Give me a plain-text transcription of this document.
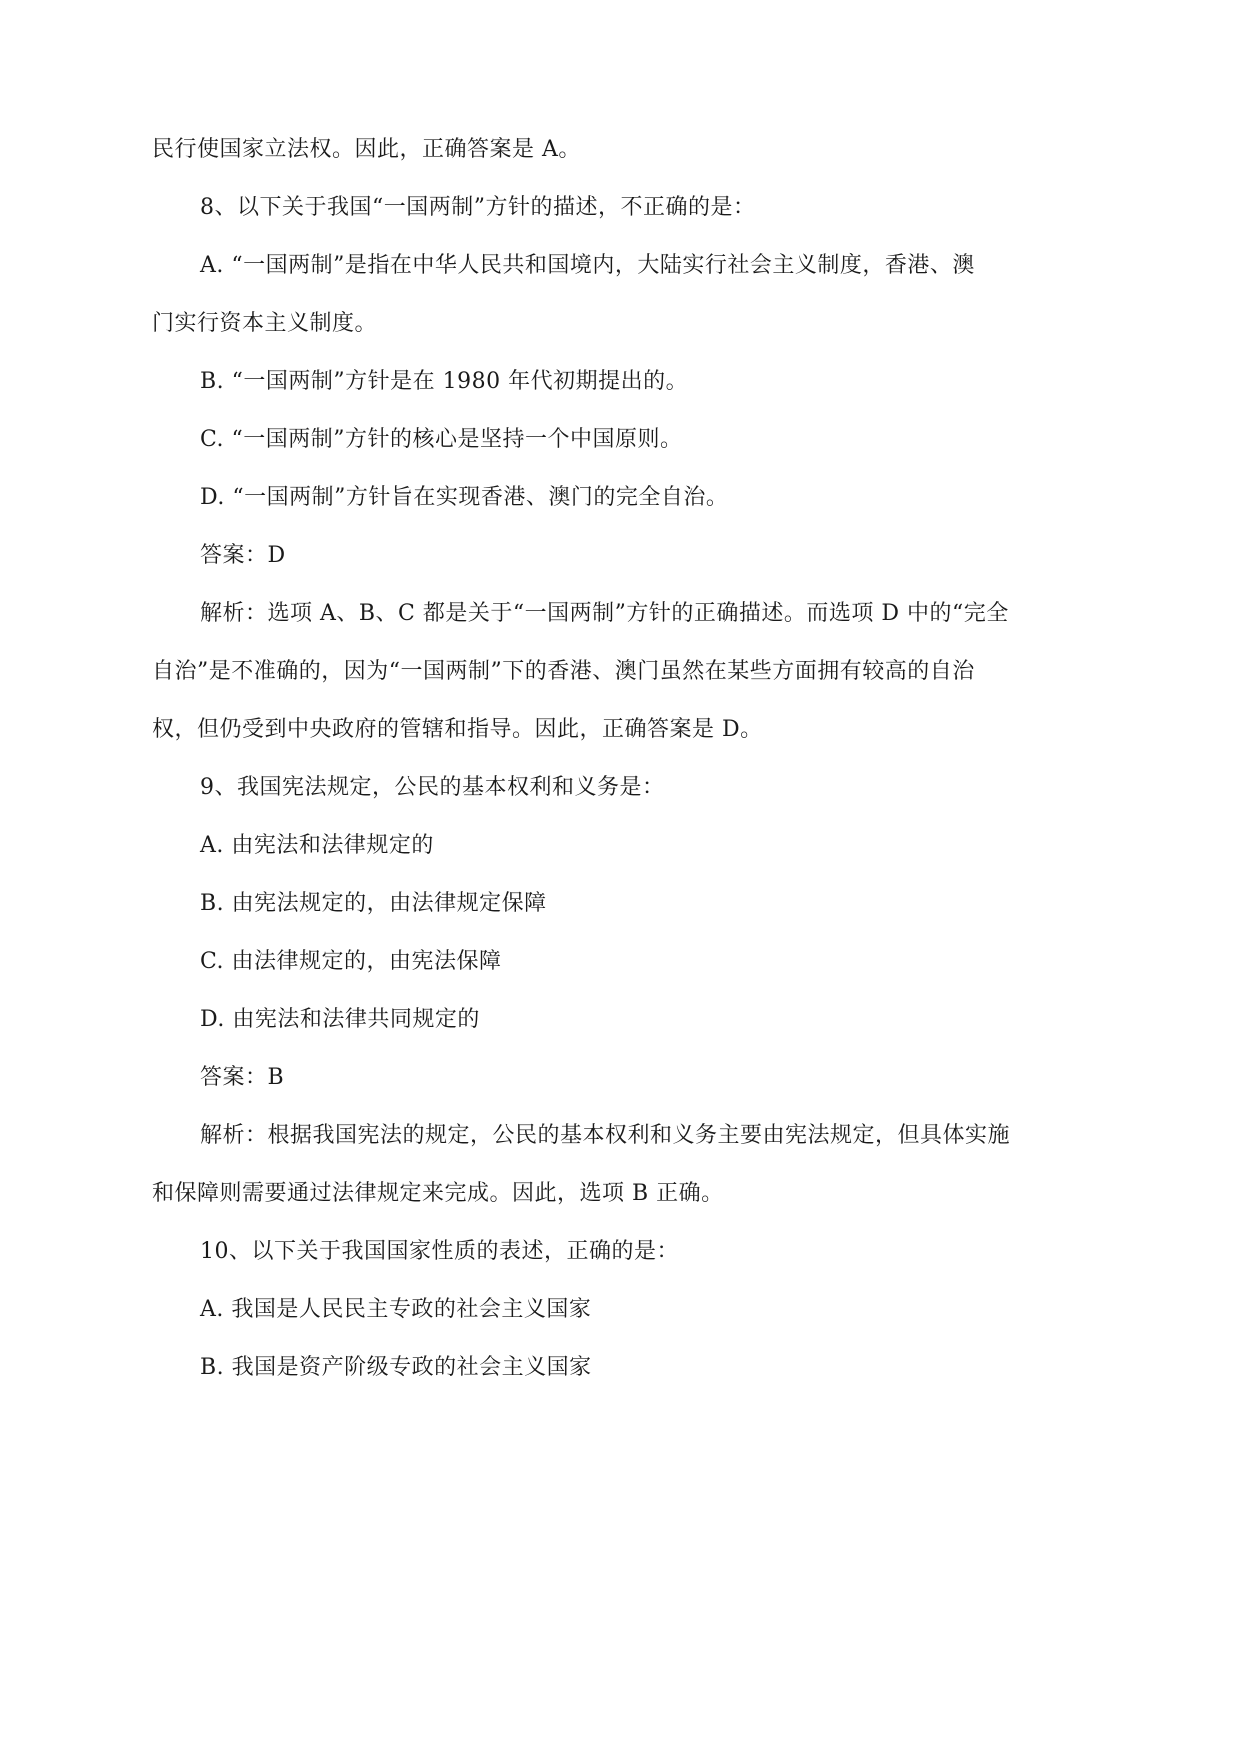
民行使国家立法权。因此，正确答案是 A。
8、以下关于我国“一国两制”方针的描述，不正确的是：
A. “一国两制”是指在中华人民共和国境内，大陆实行社会主义制度，香港、澳
门实行资本主义制度。
B. “一国两制”方针是在 1980 年代初期提出的。
C. “一国两制”方针的核心是坚持一个中国原则。
D. “一国两制”方针旨在实现香港、澳门的完全自治。
答案：D
解析：选项 A、B、C 都是关于“一国两制”方针的正确描述。而选项 D 中的“完全
自治”是不准确的，因为“一国两制”下的香港、澳门虽然在某些方面拥有较高的自治
权，但仍受到中央政府的管辖和指导。因此，正确答案是 D。
9、我国宪法规定，公民的基本权利和义务是：
A. 由宪法和法律规定的
B. 由宪法规定的，由法律规定保障
C. 由法律规定的，由宪法保障
D. 由宪法和法律共同规定的
答案：B
解析：根据我国宪法的规定，公民的基本权利和义务主要由宪法规定，但具体实施
和保障则需要通过法律规定来完成。因此，选项 B 正确。
10、以下关于我国国家性质的表述，正确的是：
A. 我国是人民民主专政的社会主义国家
B. 我国是资产阶级专政的社会主义国家
